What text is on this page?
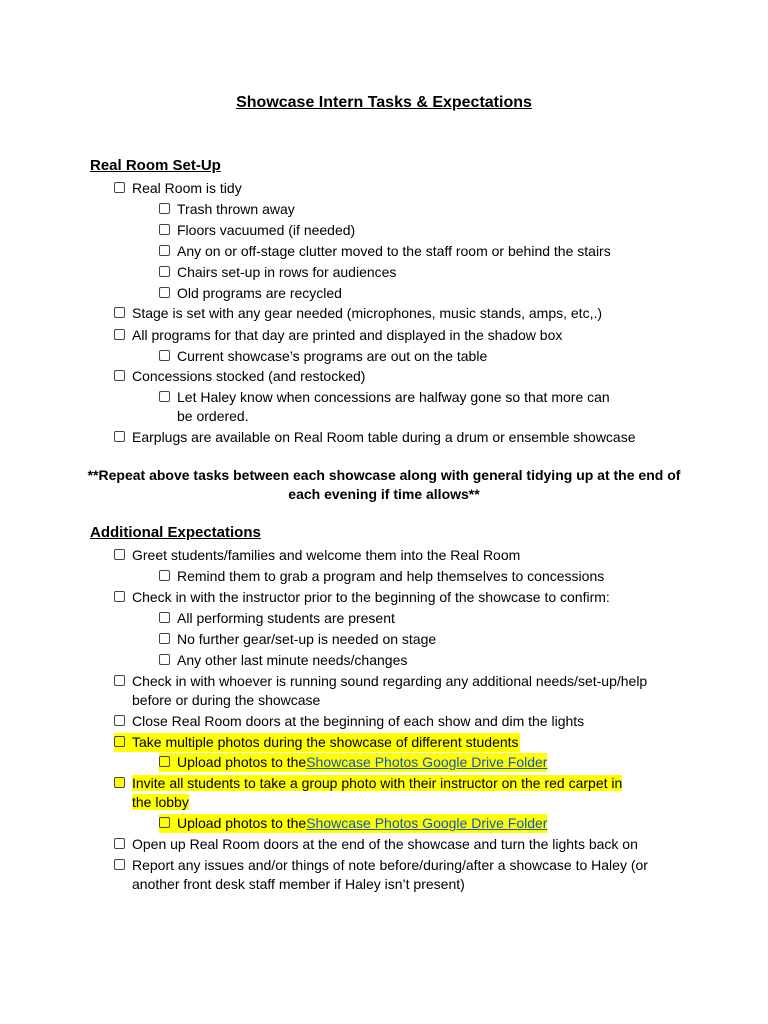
Showcase Intern Tasks & Expectations
Real Room Set-Up
Real Room is tidy
Trash thrown away
Floors vacuumed (if needed)
Any on or off-stage clutter moved to the staff room or behind the stairs
Chairs set-up in rows for audiences
Old programs are recycled
Stage is set with any gear needed (microphones, music stands, amps, etc,.)
All programs for that day are printed and displayed in the shadow box
Current showcase’s programs are out on the table
Concessions stocked (and restocked)
Let Haley know when concessions are halfway gone so that more can be ordered.
Earplugs are available on Real Room table during a drum or ensemble showcase
**Repeat above tasks between each showcase along with general tidying up at the end of each evening if time allows**
Additional Expectations
Greet students/families and welcome them into the Real Room
Remind them to grab a program and help themselves to concessions
Check in with the instructor prior to the beginning of the showcase to confirm:
All performing students are present
No further gear/set-up is needed on stage
Any other last minute needs/changes
Check in with whoever is running sound regarding any additional needs/set-up/help before or during the showcase
Close Real Room doors at the beginning of each show and dim the lights
Take multiple photos during the showcase of different students
Upload photos to the Showcase Photos Google Drive Folder
Invite all students to take a group photo with their instructor on the red carpet in the lobby
Upload photos to the Showcase Photos Google Drive Folder
Open up Real Room doors at the end of the showcase and turn the lights back on
Report any issues and/or things of note before/during/after a showcase to Haley (or another front desk staff member if Haley isn’t present)
